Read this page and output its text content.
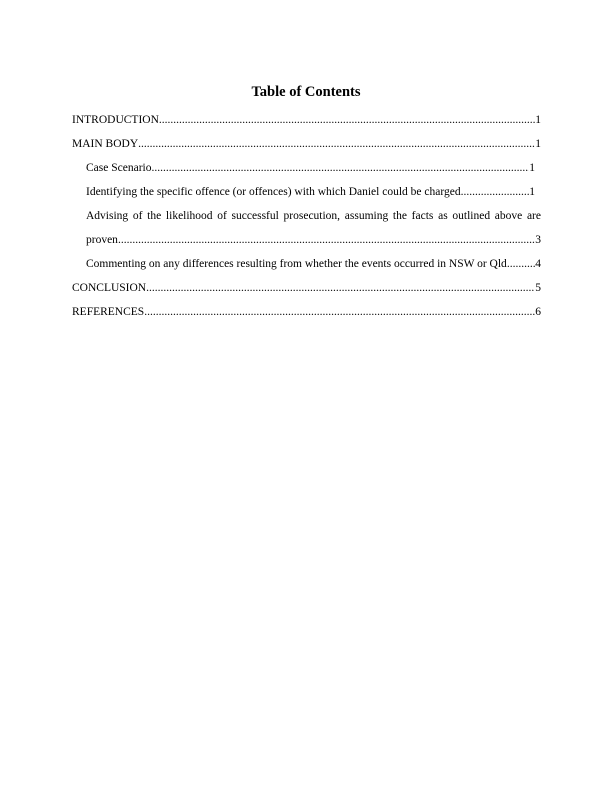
Table of Contents
INTRODUCTION .....	1
MAIN BODY .....	1
Case Scenario .....	1
Identifying the specific offence (or offences) with which Daniel could be charged .....	1
Advising of the likelihood of successful prosecution, assuming the facts as outlined above are
proven .....	3
Commenting on any differences resulting from whether the events occurred in NSW or Qld ..... 4
CONCLUSION .....	5
REFERENCES .....	6
